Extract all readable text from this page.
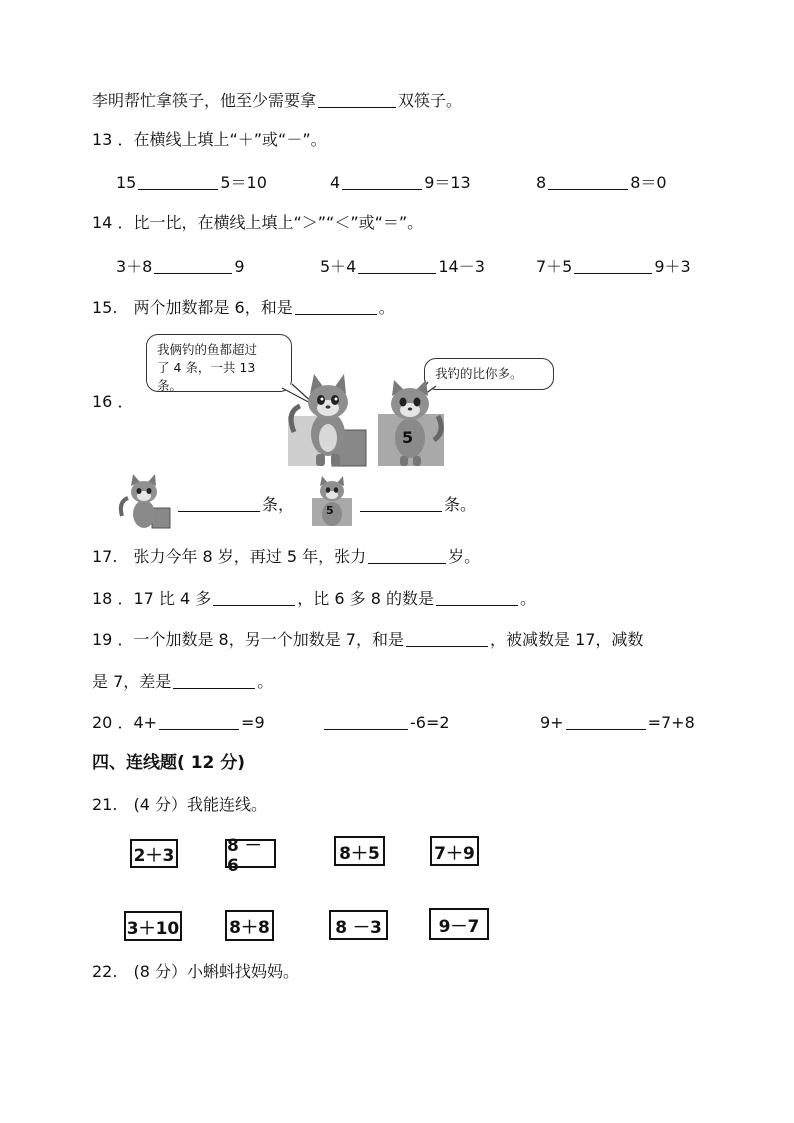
李明帮忙拿筷子，他至少需要拿	双筷子。
13 ．在横线上填上“＋”或“－”。
15	5＝10	4	9＝13	8	8＝0
14 ．比一比，在横线上填上“＞”“＜”或“＝”。
3＋8	9	5＋4	14－3	7＋5	9＋3
15.　两个加数都是 6，和是	。
16 ．
我俩钓的鱼都超过
了 4 条，一共 13 条。
我钓的比你多。
5
条，	5	条。
17.　张力今年 8 岁，再过 5 年，张力	岁。
18 ．17 比 4 多	，比 6 多 8 的数是	。
19 ．一个加数是 8，另一个加数是 7，和是	，被减数是 17，减数
是 7，差是	。
20 ．4+	=9	-6=2	9+	=7+8
四、连线题( 12 分)
21.　(4 分）我能连线。
2＋3	8 － 6
8＋5	7＋9
3＋10	8＋8	8 －3	9－7
22.　(8 分）小蝌蚪找妈妈。
